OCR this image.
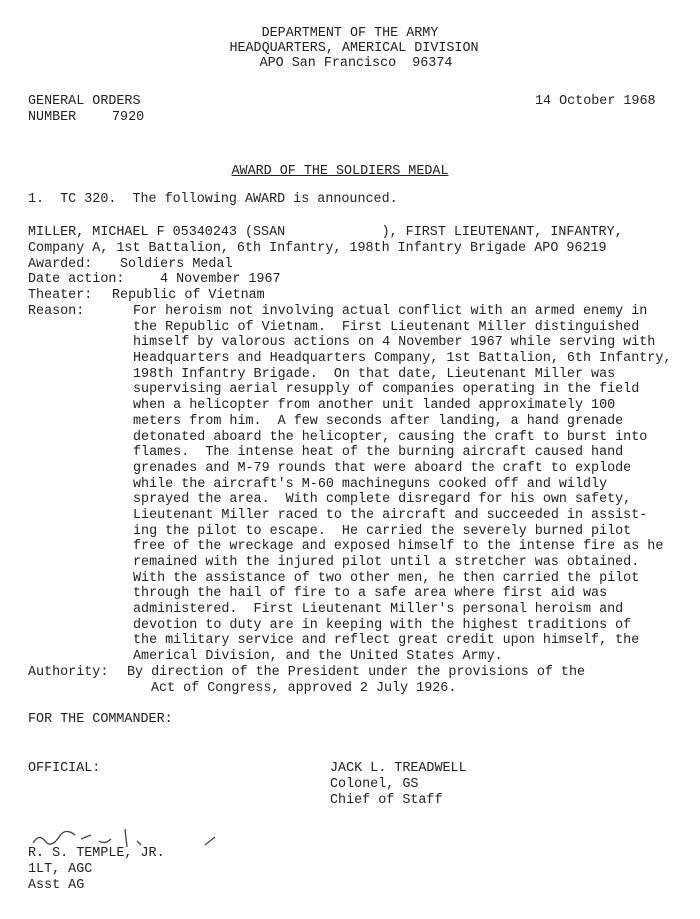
DEPARTMENT OF THE ARMY
HEADQUARTERS, AMERICAL DIVISION
APO San Francisco  96374
GENERAL ORDERS
NUMBER	7920
14 October 1968
AWARD OF THE SOLDIERS MEDAL
1.  TC 320.  The following AWARD is announced.
MILLER, MICHAEL F 05340243 (SSAN            ), FIRST LIEUTENANT, INFANTRY,
Company A, 1st Battalion, 6th Infantry, 198th Infantry Brigade APO 96219
Awarded: Soldiers Medal
Date action:	4 November 1967
Theater: Republic of Vietnam
Reason:	For heroism not involving actual conflict with an armed enemy in
the Republic of Vietnam.  First Lieutenant Miller distinguished
himself by valorous actions on 4 November 1967 while serving with
Headquarters and Headquarters Company, 1st Battalion, 6th Infantry,
198th Infantry Brigade.  On that date, Lieutenant Miller was
supervising aerial resupply of companies operating in the field
when a helicopter from another unit landed approximately 100
meters from him.  A few seconds after landing, a hand grenade
detonated aboard the helicopter, causing the craft to burst into
flames.  The intense heat of the burning aircraft caused hand
grenades and M-79 rounds that were aboard the craft to explode
while the aircraft's M-60 machineguns cooked off and wildly
sprayed the area.  With complete disregard for his own safety,
Lieutenant Miller raced to the aircraft and succeeded in assist-
ing the pilot to escape.  He carried the severely burned pilot
free of the wreckage and exposed himself to the intense fire as he
remained with the injured pilot until a stretcher was obtained.
With the assistance of two other men, he then carried the pilot
through the hail of fire to a safe area where first aid was
administered.  First Lieutenant Miller's personal heroism and
devotion to duty are in keeping with the highest traditions of
the military service and reflect great credit upon himself, the
Americal Division, and the United States Army.
Authority: By direction of the President under the provisions of the
Act of Congress, approved 2 July 1926.
FOR THE COMMANDER:
OFFICIAL:	JACK L. TREADWELL
Colonel, GS
Chief of Staff
R. S. TEMPLE, JR.
1LT, AGC
Asst AG
